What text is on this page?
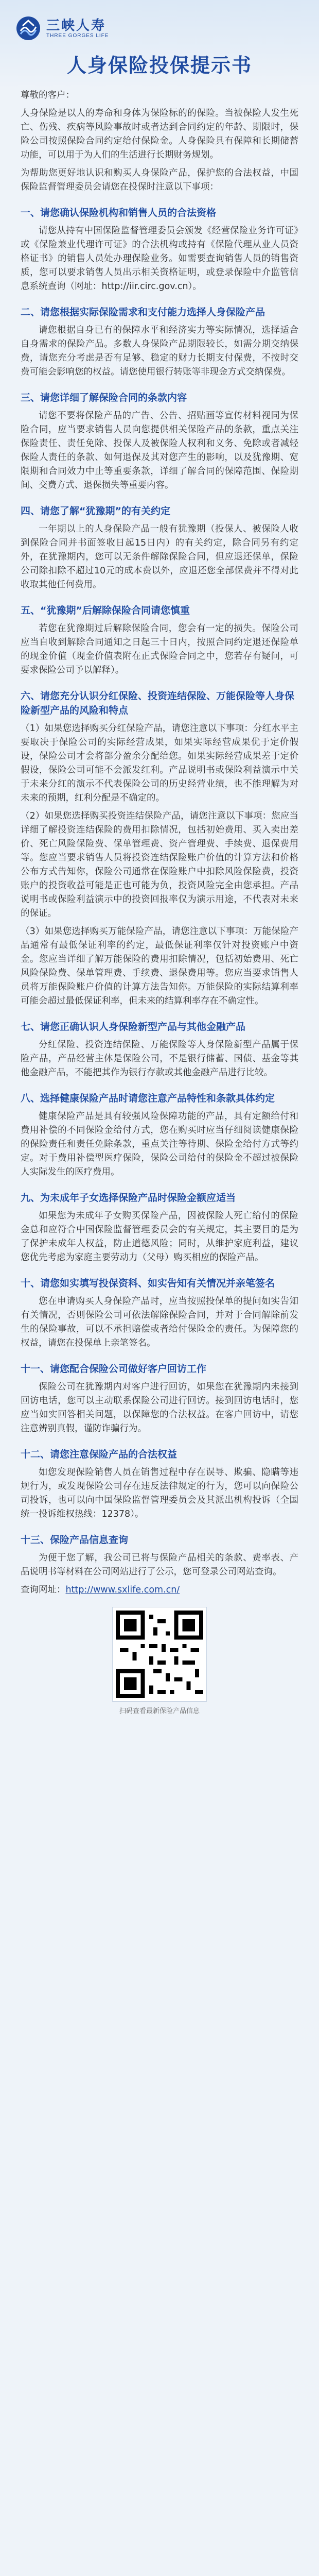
三峡人寿
THREE GORGES LIFE
人身保险投保提示书

尊敬的客户：

人身保险是以人的寿命和身体为保险标的的保险。当被保险人发生死亡、伤残、疾病等风险事故时或者达到合同约定的年龄、期限时，保险公司按照保险合同约定给付保险金。人身保险具有保障和长期储蓄功能，可以用于为人们的生活进行长期财务规划。

为帮助您更好地认识和购买人身保险产品，保护您的合法权益，中国保险监督管理委员会请您在投保时注意以下事项：

一、请您确认保险机构和销售人员的合法资格

请您从持有中国保险监督管理委员会颁发《经营保险业务许可证》或《保险兼业代理许可证》的合法机构或持有《保险代理从业人员资格证书》的销售人员处办理保险业务。如需要查询销售人员的销售资质，您可以要求销售人员出示相关资格证明，或登录保险中介监管信息系统查询（网址：http://iir.circ.gov.cn）。

二、请您根据实际保险需求和支付能力选择人身保险产品

请您根据自身已有的保障水平和经济实力等实际情况，选择适合自身需求的保险产品。多数人身保险产品期限较长，如需分期交纳保费，请您充分考虑是否有足够、稳定的财力长期支付保费，不按时交费可能会影响您的权益。请您使用银行转账等非现金方式交纳保费。

三、请您详细了解保险合同的条款内容

请您不要将保险产品的广告、公告、招贴画等宣传材料视同为保险合同，应当要求销售人员向您提供相关保险产品的条款，重点关注保险责任、责任免除、投保人及被保险人权利和义务、免除或者减轻保险人责任的条款、如何退保及其对您产生的影响，以及犹豫期、宽限期和合同效力中止等重要条款，详细了解合同的保障范围、保险期间、交费方式、退保损失等重要内容。

四、请您了解“犹豫期”的有关约定

一年期以上的人身保险产品一般有犹豫期（投保人、被保险人收到保险合同并书面签收日起15日内）的有关约定，除合同另有约定外，在犹豫期内，您可以无条件解除保险合同，但应退还保单，保险公司除扣除不超过10元的成本费以外，应退还您全部保费并不得对此收取其他任何费用。

五、“犹豫期”后解除保险合同请您慎重

若您在犹豫期过后解除保险合同，您会有一定的损失。保险公司应当自收到解除合同通知之日起三十日内，按照合同约定退还保险单的现金价值（现金价值表附在正式保险合同之中，您若存有疑问，可要求保险公司予以解释）。

六、请您充分认识分红保险、投资连结保险、万能保险等人身保险新型产品的风险和特点

（1）如果您选择购买分红保险产品，请您注意以下事项：分红水平主要取决于保险公司的实际经营成果，如果实际经营成果优于定价假设，保险公司才会将部分盈余分配给您。如果实际经营成果差于定价假设，保险公司可能不会派发红利。产品说明书或保险利益演示中关于未来分红的演示不代表保险公司的历史经营业绩，也不能理解为对未来的预期，红利分配是不确定的。

（2）如果您选择购买投资连结保险产品，请您注意以下事项：您应当详细了解投资连结保险的费用扣除情况，包括初始费用、买入卖出差价、死亡风险保险费、保单管理费、资产管理费、手续费、退保费用等。您应当要求销售人员将投资连结保险账户价值的计算方法和价格公布方式告知你，保险公司通常在保险账户中扣除风险保险费，投资账户的投资收益可能是正也可能为负，投资风险完全由您承担。产品说明书或保险利益演示中的投资回报率仅为演示用途，不代表对未来的保证。

（3）如果您选择购买万能保险产品，请您注意以下事项：万能保险产品通常有最低保证利率的约定，最低保证利率仅针对投资账户中资金。您应当详细了解万能保险的费用扣除情况，包括初始费用、死亡风险保险费、保单管理费、手续费、退保费用等。您应当要求销售人员将万能保险账户价值的计算方法告知你。万能保险的实际结算利率可能会超过最低保证利率，但未来的结算利率存在不确定性。

七、请您正确认识人身保险新型产品与其他金融产品

分红保险、投资连结保险、万能保险等人身保险新型产品属于保险产品，产品经营主体是保险公司，不是银行储蓄、国债、基金等其他金融产品，不能把其作为银行存款或其他金融产品进行比较。

八、选择健康保险产品时请您注意产品特性和条款具体约定

健康保险产品是具有较强风险保障功能的产品，具有定额给付和费用补偿的不同保险金给付方式，您在购买时应当仔细阅读健康保险的保险责任和责任免除条款，重点关注等待期、保险金给付方式等约定。对于费用补偿型医疗保险，保险公司给付的保险金不超过被保险人实际发生的医疗费用。

九、为未成年子女选择保险产品时保险金额应适当

如果您为未成年子女购买保险产品，因被保险人死亡给付的保险金总和应符合中国保险监督管理委员会的有关规定，其主要目的是为了保护未成年人权益，防止道德风险；同时，从维护家庭利益，建议您优先考虑为家庭主要劳动力（父母）购买相应的保险产品。

十、请您如实填写投保资料、如实告知有关情况并亲笔签名

您在申请购买人身保险产品时，应当按照投保单的提问如实告知有关情况，否则保险公司可依法解除保险合同，并对于合同解除前发生的保险事故，可以不承担赔偿或者给付保险金的责任。为保障您的权益，请您在投保单上亲笔签名。

十一、请您配合保险公司做好客户回访工作

保险公司在犹豫期内对客户进行回访，如果您在犹豫期内未接到回访电话，您可以主动联系保险公司进行回访。接到回访电话时，您应当如实回答相关问题，以保障您的合法权益。在客户回访中，请您注意辨别真假，谨防诈骗行为。

十二、请您注意保险产品的合法权益

如您发现保险销售人员在销售过程中存在误导、欺骗、隐瞒等违规行为，或发现保险公司存在违反法律规定的行为，您可以向保险公司投诉，也可以向中国保险监督管理委员会及其派出机构投诉（全国统一投诉维权热线：12378）。

十三、保险产品信息查询

为便于您了解，我公司已将与保险产品相关的条款、费率表、产品说明书等材料在公司网站进行了公示，您可登录公司网站查询。

查询网址：http://www.sxlife.com.cn/

扫码查看最新保险产品信息
